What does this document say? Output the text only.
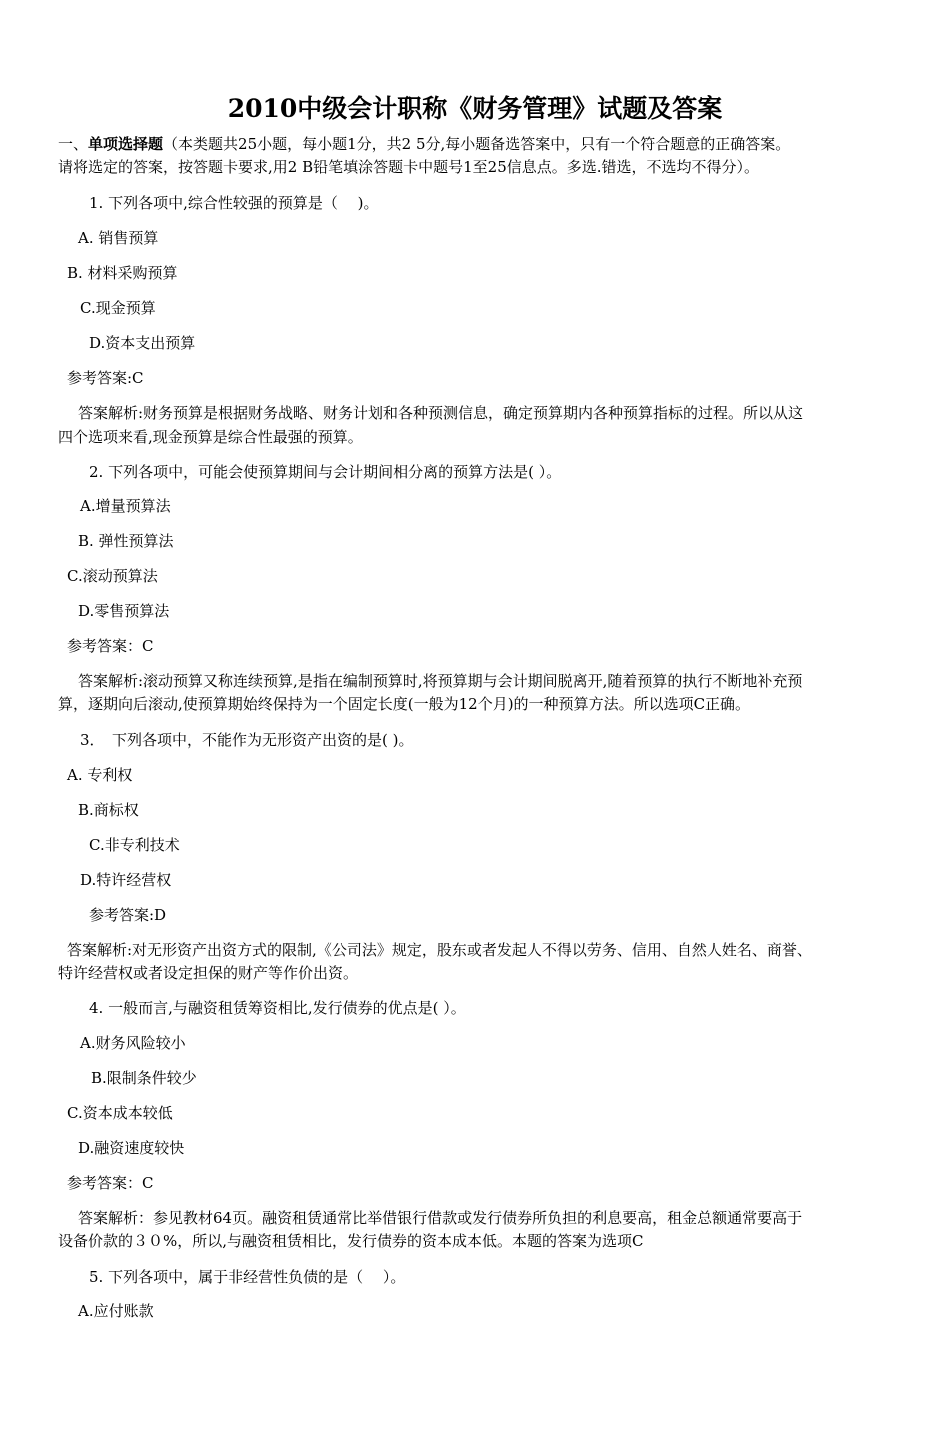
2010中级会计职称《财务管理》试题及答案
一、单项选择题（本类题共25小题，每小题1分，共2 5分,每小题备选答案中，只有一个符合题意的正确答案。
请将选定的答案，按答题卡要求,用2 B铅笔填涂答题卡中题号1至25信息点。多选.错选，不选均不得分）。
1. 下列各项中,综合性较强的预算是（　 )。
A. 销售预算
B. 材料采购预算
C.现金预算
D.资本支出预算
参考答案:C
答案解析:财务预算是根据财务战略、财务计划和各种预测信息，确定预算期内各种预算指标的过程。所以从这
四个选项来看,现金预算是综合性最强的预算。
2. 下列各项中，可能会使预算期间与会计期间相分离的预算方法是( ）。
A.增量预算法
B. 弹性预算法
C.滚动预算法
D.零售预算法
参考答案：C
答案解析:滚动预算又称连续预算,是指在编制预算时,将预算期与会计期间脱离开,随着预算的执行不断地补充预
算，逐期向后滚动,使预算期始终保持为一个固定长度(一般为12个月)的一种预算方法。所以选项C正确。
3．　下列各项中，不能作为无形资产出资的是( )。
A. 专利权
B.商标权
C.非专利技术
D.特许经营权
参考答案:D
答案解析:对无形资产出资方式的限制,《公司法》规定，股东或者发起人不得以劳务、信用、自然人姓名、商誉、
特许经营权或者设定担保的财产等作价出资。
4. 一般而言,与融资租赁筹资相比,发行债券的优点是( ）。
A.财务风险较小
B.限制条件较少
C.资本成本较低
D.融资速度较快
参考答案：C
答案解析：参见教材64页。融资租赁通常比举借银行借款或发行债券所负担的利息要高，租金总额通常要高于
设备价款的３０%，所以,与融资租赁相比，发行债券的资本成本低。本题的答案为选项C
5. 下列各项中，属于非经营性负债的是（　 ）。
A.应付账款
